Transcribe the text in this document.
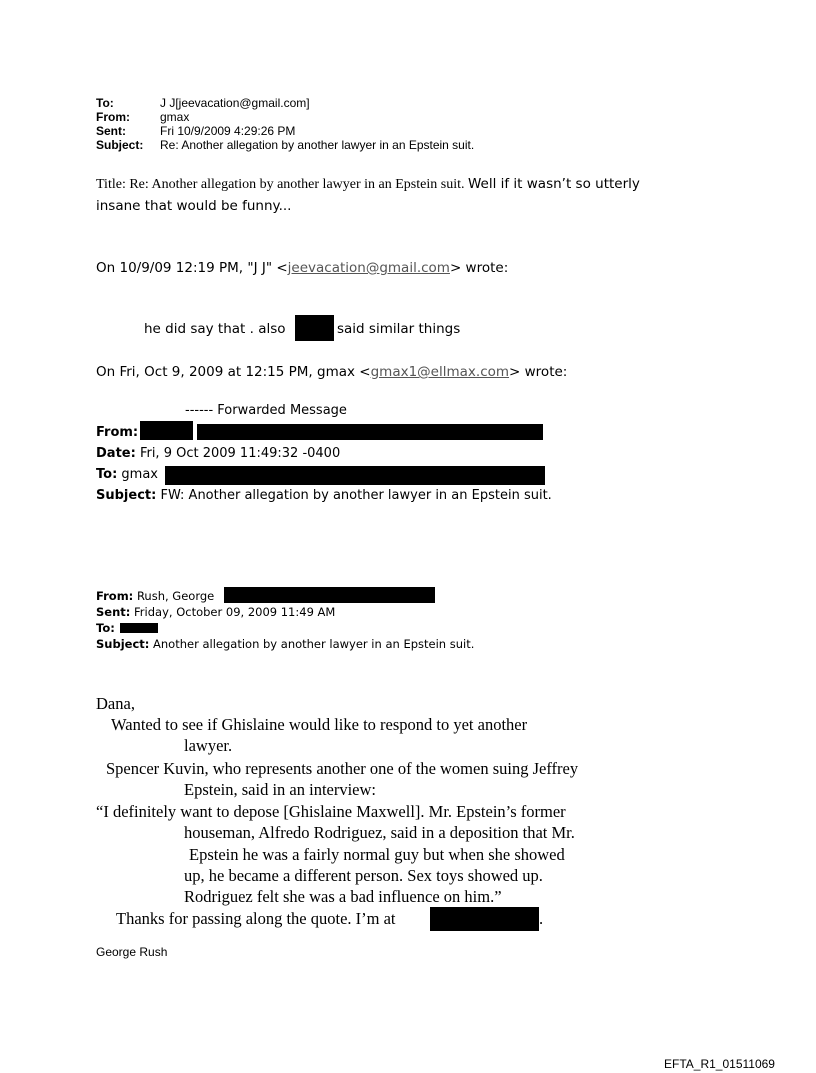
To:	J J[jeevacation@gmail.com]
From:	gmax
Sent:	Fri 10/9/2009 4:29:26 PM
Subject: Re: Another allegation by another lawyer in an Epstein suit.
Title: Re: Another allegation by another lawyer in an Epstein suit. Well if it wasn’t so utterly
insane that would be funny...
On 10/9/09 12:19 PM, "J J" <jeevacation@gmail.com> wrote:
he did say that . also	said similar things
On Fri, Oct 9, 2009 at 12:15 PM, gmax <gmax1@ellmax.com> wrote:
------ Forwarded Message
From:
Date: Fri, 9 Oct 2009 11:49:32 -0400
To: gmax
Subject: FW: Another allegation by another lawyer in an Epstein suit.
From: Rush, George
Sent: Friday, October 09, 2009 11:49 AM
To:
Subject: Another allegation by another lawyer in an Epstein suit.
Dana,
Wanted to see if Ghislaine would like to respond to yet another
lawyer.
Spencer Kuvin, who represents another one of the women suing Jeffrey
Epstein, said in an interview:
“I definitely want to depose [Ghislaine Maxwell]. Mr. Epstein’s former
houseman, Alfredo Rodriguez, said in a deposition that Mr.
Epstein he was a fairly normal guy but when she showed
up, he became a different person. Sex toys showed up.
Rodriguez felt she was a bad influence on him.”
Thanks for passing along the quote. I’m at	.
George Rush
EFTA_R1_01511069
